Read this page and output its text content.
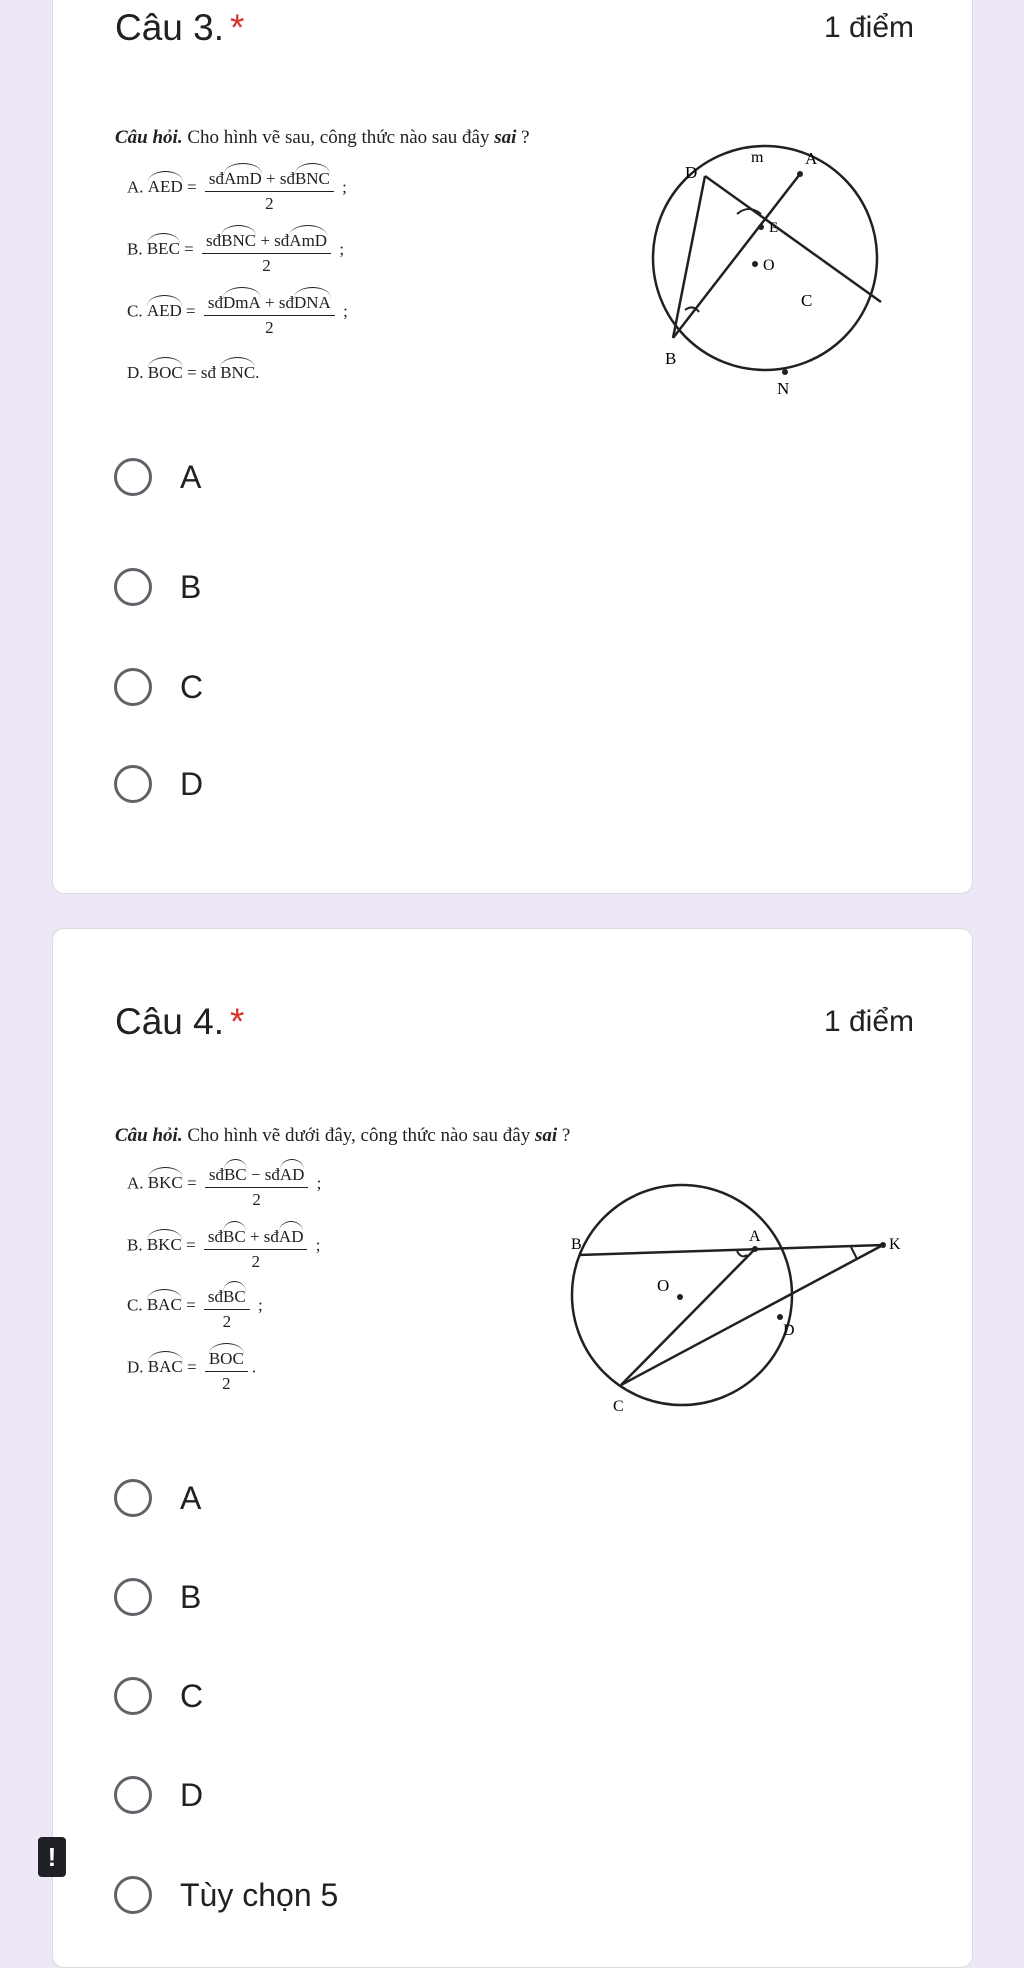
Câu 3. *	1 điểm
Câu hỏi. Cho hình vẽ sau, công thức nào sau đây sai ?
A. AED = $\frac{\text{sđAmD + sđBNC}}{2}$ ;
B. BEC = $\frac{\text{sđBNC + sđAmD}}{2}$ ;
C. AED = $\frac{\text{sđDmA + sđDNA}}{2}$ ;
D. BOC = sđ BNC.
m A
D
E
O
C
B
N
A
B
C
D
Câu 4. *	1 điểm
Câu hỏi. Cho hình vẽ dưới đây, công thức nào sau đây sai ?
A. BKC = $\frac{\text{sđBC − sđAD}}{2}$ ;
B. BKC = $\frac{\text{sđBC + sđAD}}{2}$ ;
C. BAC = $\frac{\text{sđBC}}{2}$ ;
D. BAC = $\frac{\text{BOC}}{2}$ .
B	A	K
O
D
C
A
B
C
D
Tùy chọn 5
!
